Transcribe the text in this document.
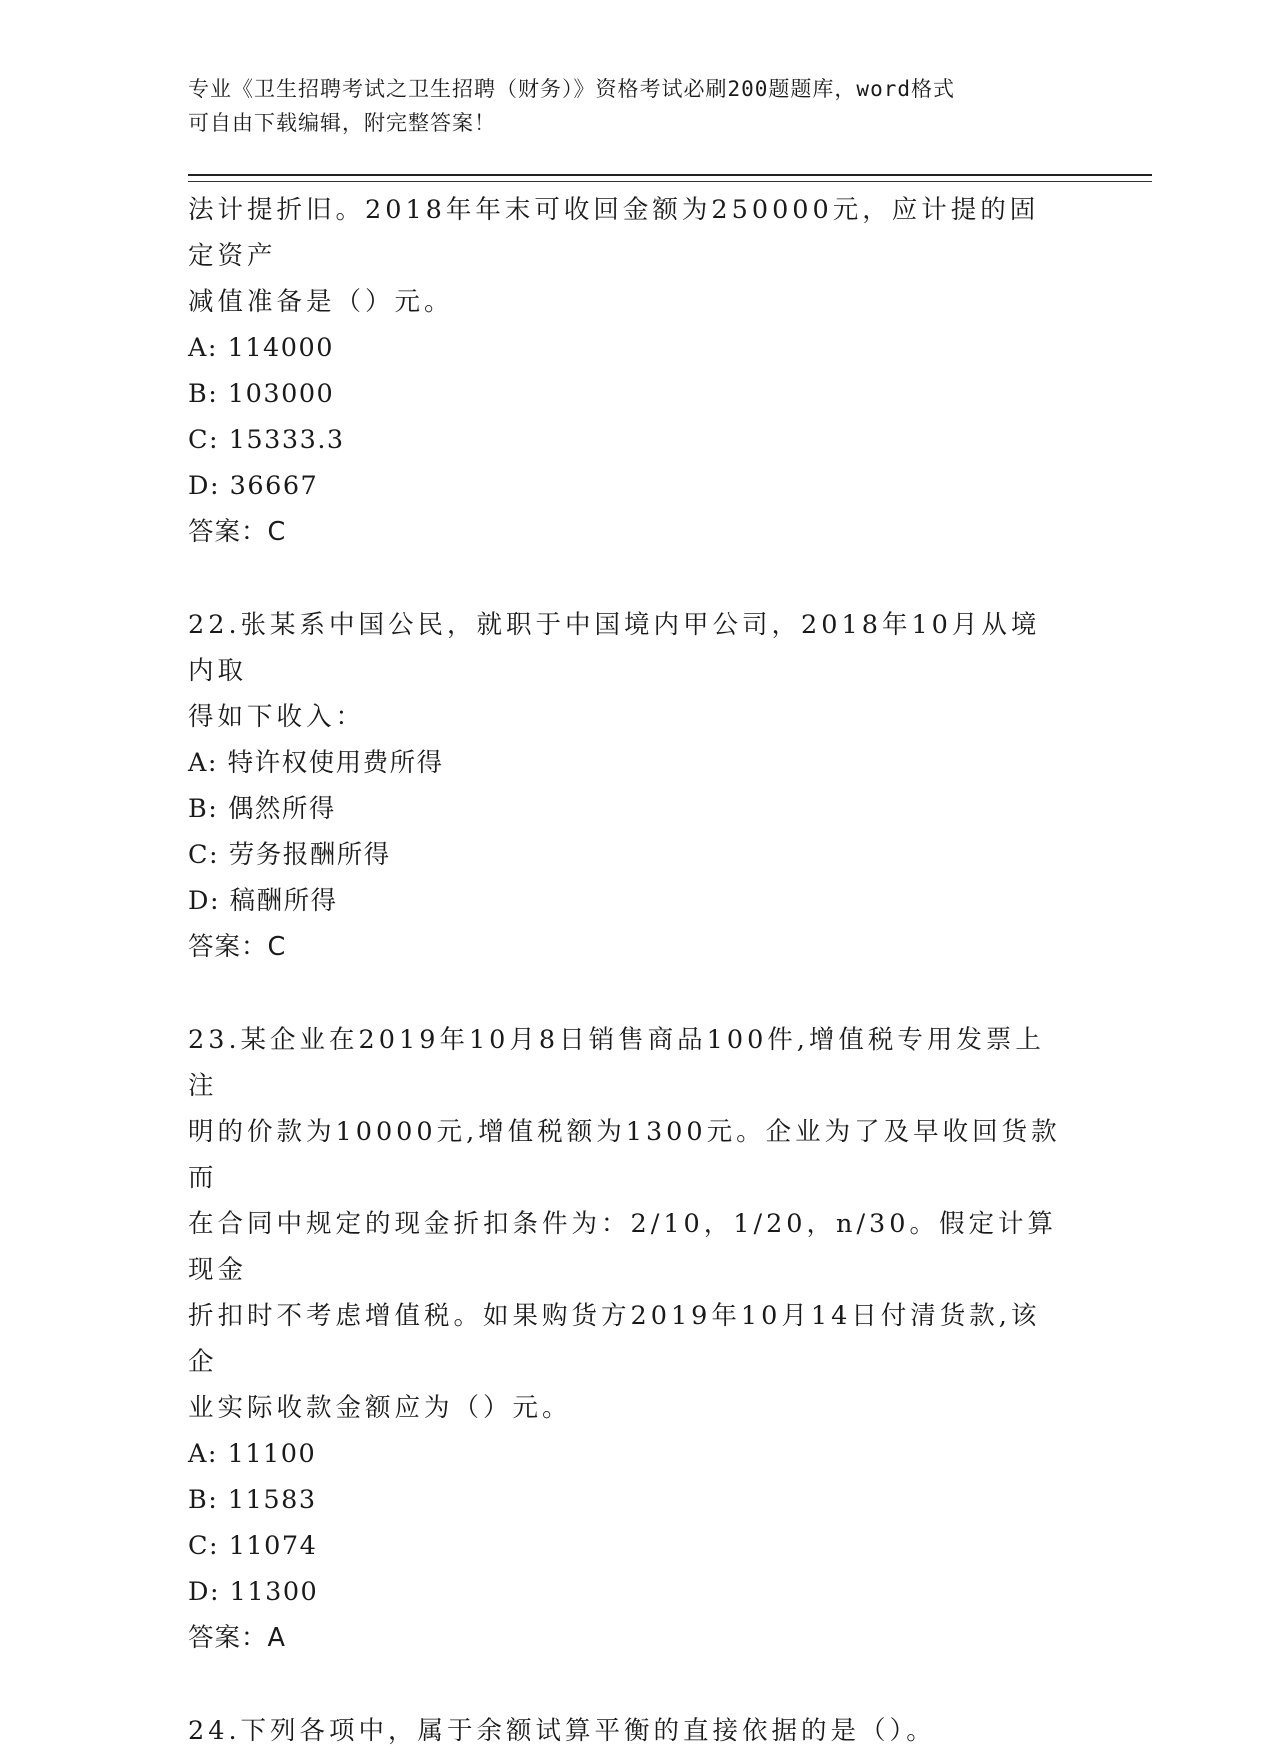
专业《卫生招聘考试之卫生招聘（财务）》资格考试必刷200题题库，word格式
可自由下载编辑，附完整答案！

法计提折旧。2018年年末可收回金额为250000元，应计提的固定资产

减值准备是（）元。

A: 114000

B: 103000

C: 15333.3

D: 36667

答案：C

22.张某系中国公民，就职于中国境内甲公司，2018年10月从境内取

得如下收入：

A: 特许权使用费所得

B: 偶然所得

C: 劳务报酬所得

D: 稿酬所得

答案：C

23.某企业在2019年10月8日销售商品100件,增值税专用发票上注

明的价款为10000元,增值税额为1300元。企业为了及早收回货款而

在合同中规定的现金折扣条件为：2/10，1/20，n/30。假定计算现金

折扣时不考虑增值税。如果购货方2019年10月14日付清货款,该企

业实际收款金额应为（）元。

A: 11100

B: 11583

C: 11074

D: 11300

答案：A

24.下列各项中，属于余额试算平衡的直接依据的是（）。
